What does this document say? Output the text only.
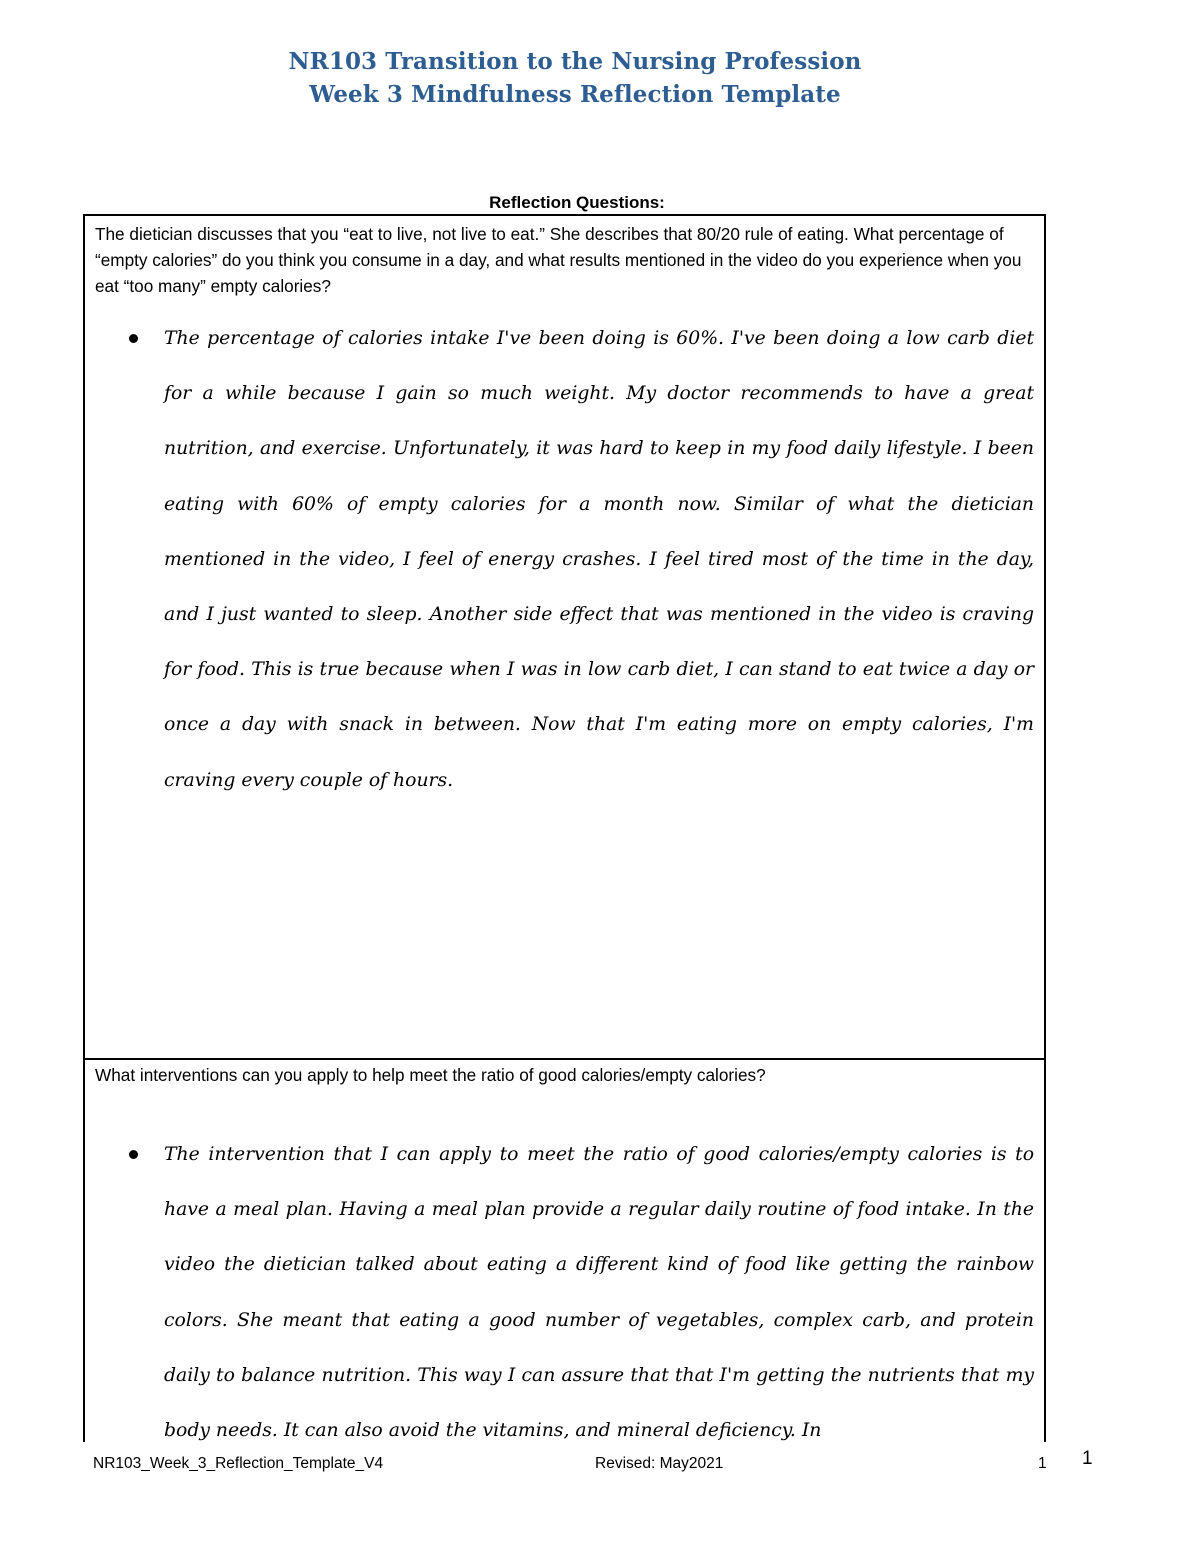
NR103 Transition to the Nursing Profession
Week 3 Mindfulness Reflection Template
Reflection Questions:
The dietician discusses that you “eat to live, not live to eat.” She describes that 80/20 rule of eating. What percentage of “empty calories” do you think you consume in a day, and what results mentioned in the video do you experience when you eat “too many” empty calories?
The percentage of calories intake I've been doing is 60%. I've been doing a low carb diet for a while because I gain so much weight. My doctor recommends to have a great nutrition, and exercise. Unfortunately, it was hard to keep in my food daily lifestyle. I been eating with 60% of empty calories for a month now. Similar of what the dietician mentioned in the video, I feel of energy crashes. I feel tired most of the time in the day, and I just wanted to sleep. Another side effect that was mentioned in the video is craving for food. This is true because when I was in low carb diet, I can stand to eat twice a day or once a day with snack in between. Now that I'm eating more on empty calories, I'm craving every couple of hours.
What interventions can you apply to help meet the ratio of good calories/empty calories?
The intervention that I can apply to meet the ratio of good calories/empty calories is to have a meal plan. Having a meal plan provide a regular daily routine of food intake. In the video the dietician talked about eating a different kind of food like getting the rainbow colors. She meant that eating a good number of vegetables, complex carb, and protein daily to balance nutrition. This way I can assure that that I'm getting the nutrients that my body needs. It can also avoid the vitamins, and mineral deficiency. In
NR103_Week_3_Reflection_Template_V4	Revised: May2021	1 1
